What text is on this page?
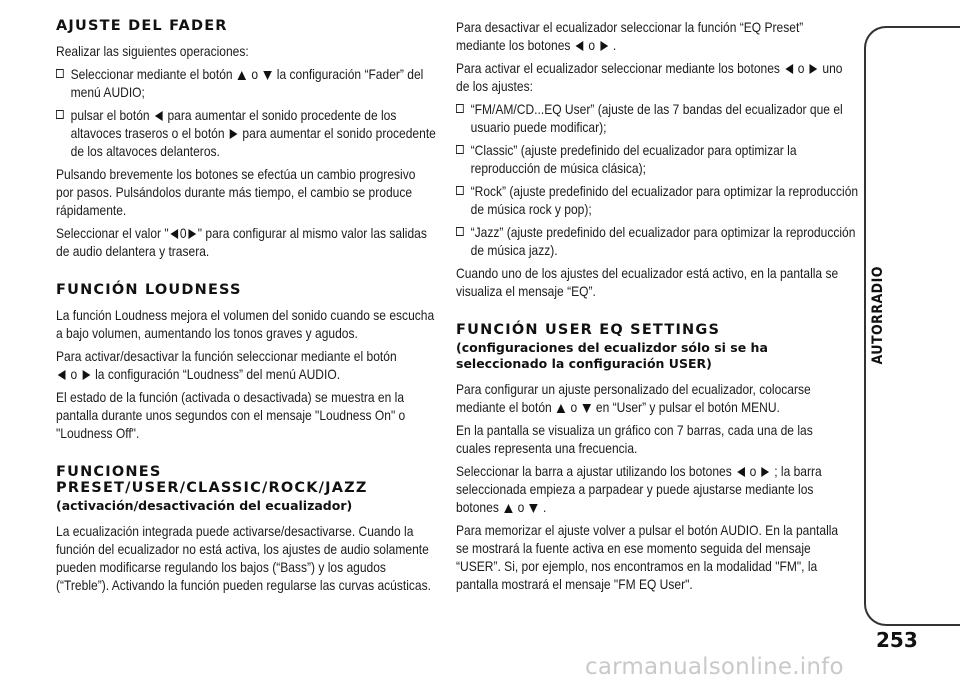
AJUSTE DEL FADER

Realizar las siguientes operaciones:

Seleccionar mediante el botón  o  la configuración “Fader” del menú AUDIO;

pulsar el botón  para aumentar el sonido procedente de los altavoces traseros o el botón  para aumentar el sonido procedente de los altavoces delanteros.

Pulsando brevemente los botones se efectúa un cambio progresivo por pasos. Pulsándolos durante más tiempo, el cambio se produce rápidamente.

Seleccionar el valor " 0 " para configurar al mismo valor las salidas de audio delantera y trasera.

FUNCIÓN LOUDNESS

La función Loudness mejora el volumen del sonido cuando se escucha a bajo volumen, aumentando los tonos graves y agudos.

Para activar/desactivar la función seleccionar mediante el botón
o  la configuración “Loudness” del menú AUDIO.

El estado de la función (activada o desactivada) se muestra en la pantalla durante unos segundos con el mensaje "Loudness On" o "Loudness Off".

FUNCIONES
PRESET/USER/CLASSIC/ROCK/JAZZ
(activación/desactivación del ecualizador)

La ecualización integrada puede activarse/desactivarse. Cuando la función del ecualizador no está activa, los ajustes de audio solamente pueden modificarse regulando los bajos (“Bass”) y los agudos (“Treble”). Activando la función pueden regularse las curvas acústicas.

Para desactivar el ecualizador seleccionar la función “EQ Preset” mediante los botones  o  .

Para activar el ecualizador seleccionar mediante los botones  o  uno de los ajustes:

“FM/AM/CD...EQ User” (ajuste de las 7 bandas del ecualizador que el usuario puede modificar);

“Classic” (ajuste predefinido del ecualizador para optimizar la reproducción de música clásica);

“Rock” (ajuste predefinido del ecualizador para optimizar la reproducción de música rock y pop);

“Jazz” (ajuste predefinido del ecualizador para optimizar la reproducción de música jazz).

Cuando uno de los ajustes del ecualizador está activo, en la pantalla se visualiza el mensaje “EQ”.

FUNCIÓN USER EQ SETTINGS
(configuraciones del ecualizdor sólo si se ha seleccionado la configuración USER)

Para configurar un ajuste personalizado del ecualizador, colocarse mediante el botón  o  en “User” y pulsar el botón MENU.

En la pantalla se visualiza un gráfico con 7 barras, cada una de las cuales representa una frecuencia.

Seleccionar la barra a ajustar utilizando los botones  o  ; la barra seleccionada empieza a parpadear y puede ajustarse mediante los botones  o  .

Para memorizar el ajuste volver a pulsar el botón AUDIO. En la pantalla se mostrará la fuente activa en ese momento seguida del mensaje “USER”. Si, por ejemplo, nos encontramos en la modalidad "FM", la pantalla mostrará el mensaje "FM EQ User".

AUTORRADIO
253
carmanualsonline.info
